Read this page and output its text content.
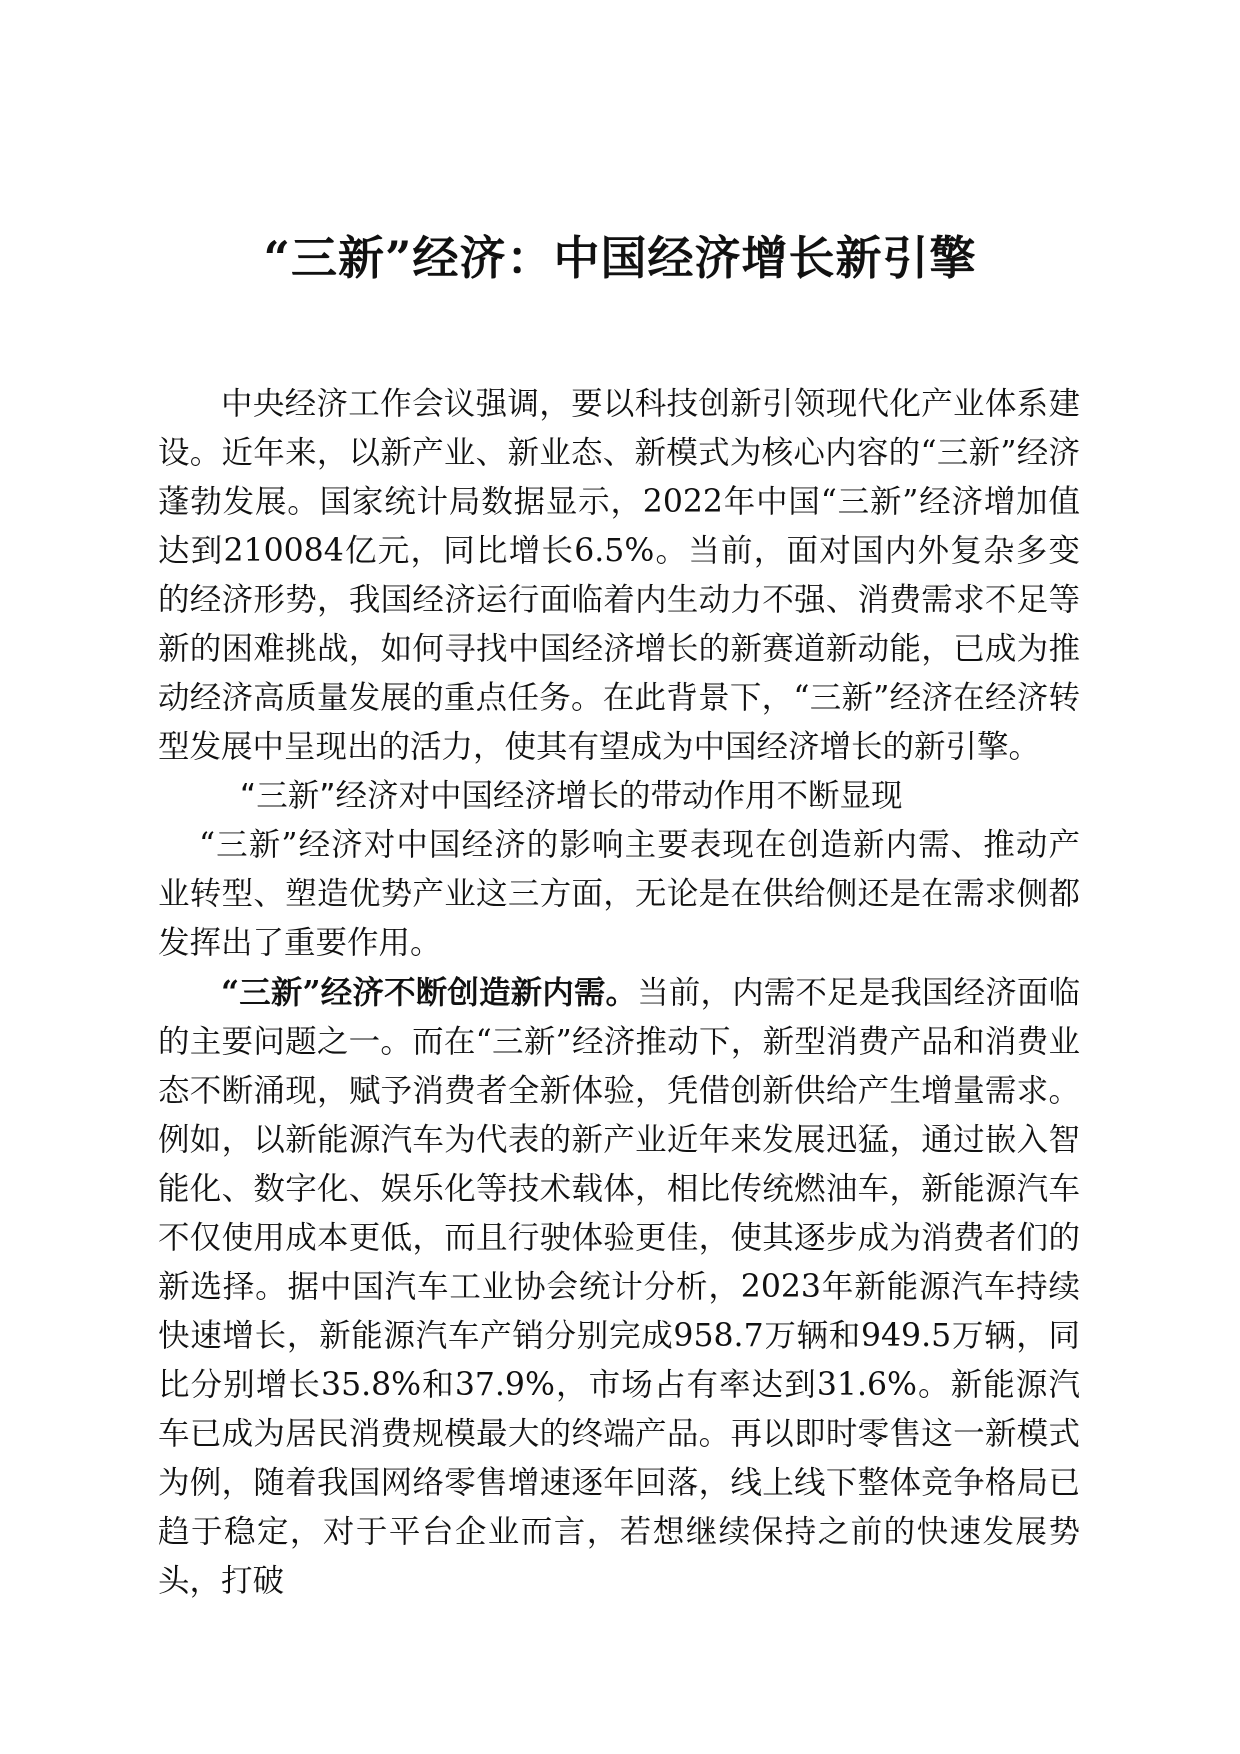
“三新”经济：中国经济增长新引擎

中央经济工作会议强调，要以科技创新引领现代化产业体系建设。近年来，以新产业、新业态、新模式为核心内容的“三新”经济蓬勃发展。国家统计局数据显示，2022年中国“三新”经济增加值达到210084亿元，同比增长6.5%。当前，面对国内外复杂多变的经济形势，我国经济运行面临着内生动力不强、消费需求不足等新的困难挑战，如何寻找中国经济增长的新赛道新动能，已成为推动经济高质量发展的重点任务。在此背景下，“三新”经济在经济转型发展中呈现出的活力，使其有望成为中国经济增长的新引擎。

“三新”经济对中国经济增长的带动作用不断显现

“三新”经济对中国经济的影响主要表现在创造新内需、推动产业转型、塑造优势产业这三方面，无论是在供给侧还是在需求侧都发挥出了重要作用。

“三新”经济不断创造新内需。当前，内需不足是我国经济面临的主要问题之一。而在“三新”经济推动下，新型消费产品和消费业态不断涌现，赋予消费者全新体验，凭借创新供给产生增量需求。例如，以新能源汽车为代表的新产业近年来发展迅猛，通过嵌入智能化、数字化、娱乐化等技术载体，相比传统燃油车，新能源汽车不仅使用成本更低，而且行驶体验更佳，使其逐步成为消费者们的新选择。据中国汽车工业协会统计分析，2023年新能源汽车持续快速增长，新能源汽车产销分别完成958.7万辆和949.5万辆，同比分别增长35.8%和37.9%，市场占有率达到31.6%。新能源汽车已成为居民消费规模最大的终端产品。再以即时零售这一新模式为例，随着我国网络零售增速逐年回落，线上线下整体竞争格局已趋于稳定，对于平台企业而言，若想继续保持之前的快速发展势头，打破
